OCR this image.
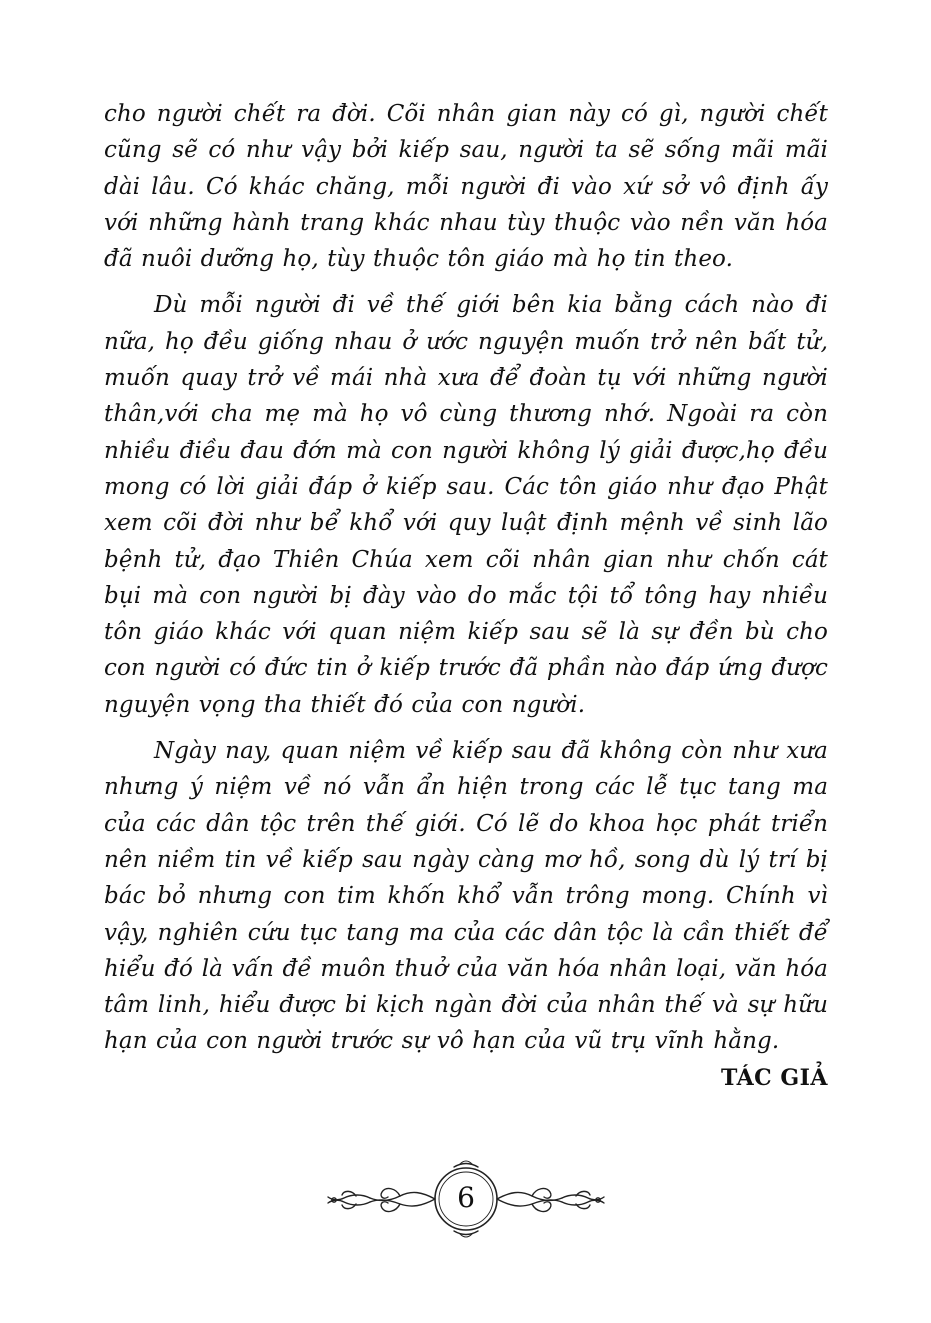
cho người chết ra đời. Cõi nhân gian này có gì, người chết cũng sẽ có như vậy bởi kiếp sau, người ta sẽ sống mãi mãi dài lâu. Có khác chăng, mỗi người đi vào xứ sở vô định ấy với những hành trang khác nhau tùy thuộc vào nền văn hóa đã nuôi dưỡng họ, tùy thuộc tôn giáo mà họ tin theo.

Dù mỗi người đi về thế giới bên kia bằng cách nào đi nữa, họ đều giống nhau ở ước nguyện muốn trở nên bất tử, muốn quay trở về mái nhà xưa để đoàn tụ với những người thân,với cha mẹ mà họ vô cùng thương nhớ. Ngoài ra còn nhiều điều đau đớn mà con người không lý giải được,họ đều mong có lời giải đáp ở kiếp sau. Các tôn giáo như đạo Phật xem cõi đời như bể khổ với quy luật định mệnh về sinh lão bệnh tử, đạo Thiên Chúa xem cõi nhân gian như chốn cát bụi mà con người bị đày vào do mắc tội tổ tông hay nhiều tôn giáo khác với quan niệm kiếp sau sẽ là sự đền bù cho con người có đức tin ở kiếp trước đã phần nào đáp ứng được nguyện vọng tha thiết đó của con người.

Ngày nay, quan niệm về kiếp sau đã không còn như xưa nhưng ý niệm về nó vẫn ẩn hiện trong các lễ tục tang ma của các dân tộc trên thế giới. Có lẽ do khoa học phát triển nên niềm tin về kiếp sau ngày càng mơ hồ, song dù lý trí bị bác bỏ nhưng con tim khốn khổ vẫn trông mong. Chính vì vậy, nghiên cứu tục tang ma của các dân tộc là cần thiết để hiểu đó là vấn đề muôn thuở của văn hóa nhân loại, văn hóa tâm linh, hiểu được bi kịch ngàn đời của nhân thế và sự hữu hạn của con người trước sự vô hạn của vũ trụ vĩnh hằng.

TÁC GIẢ
6
